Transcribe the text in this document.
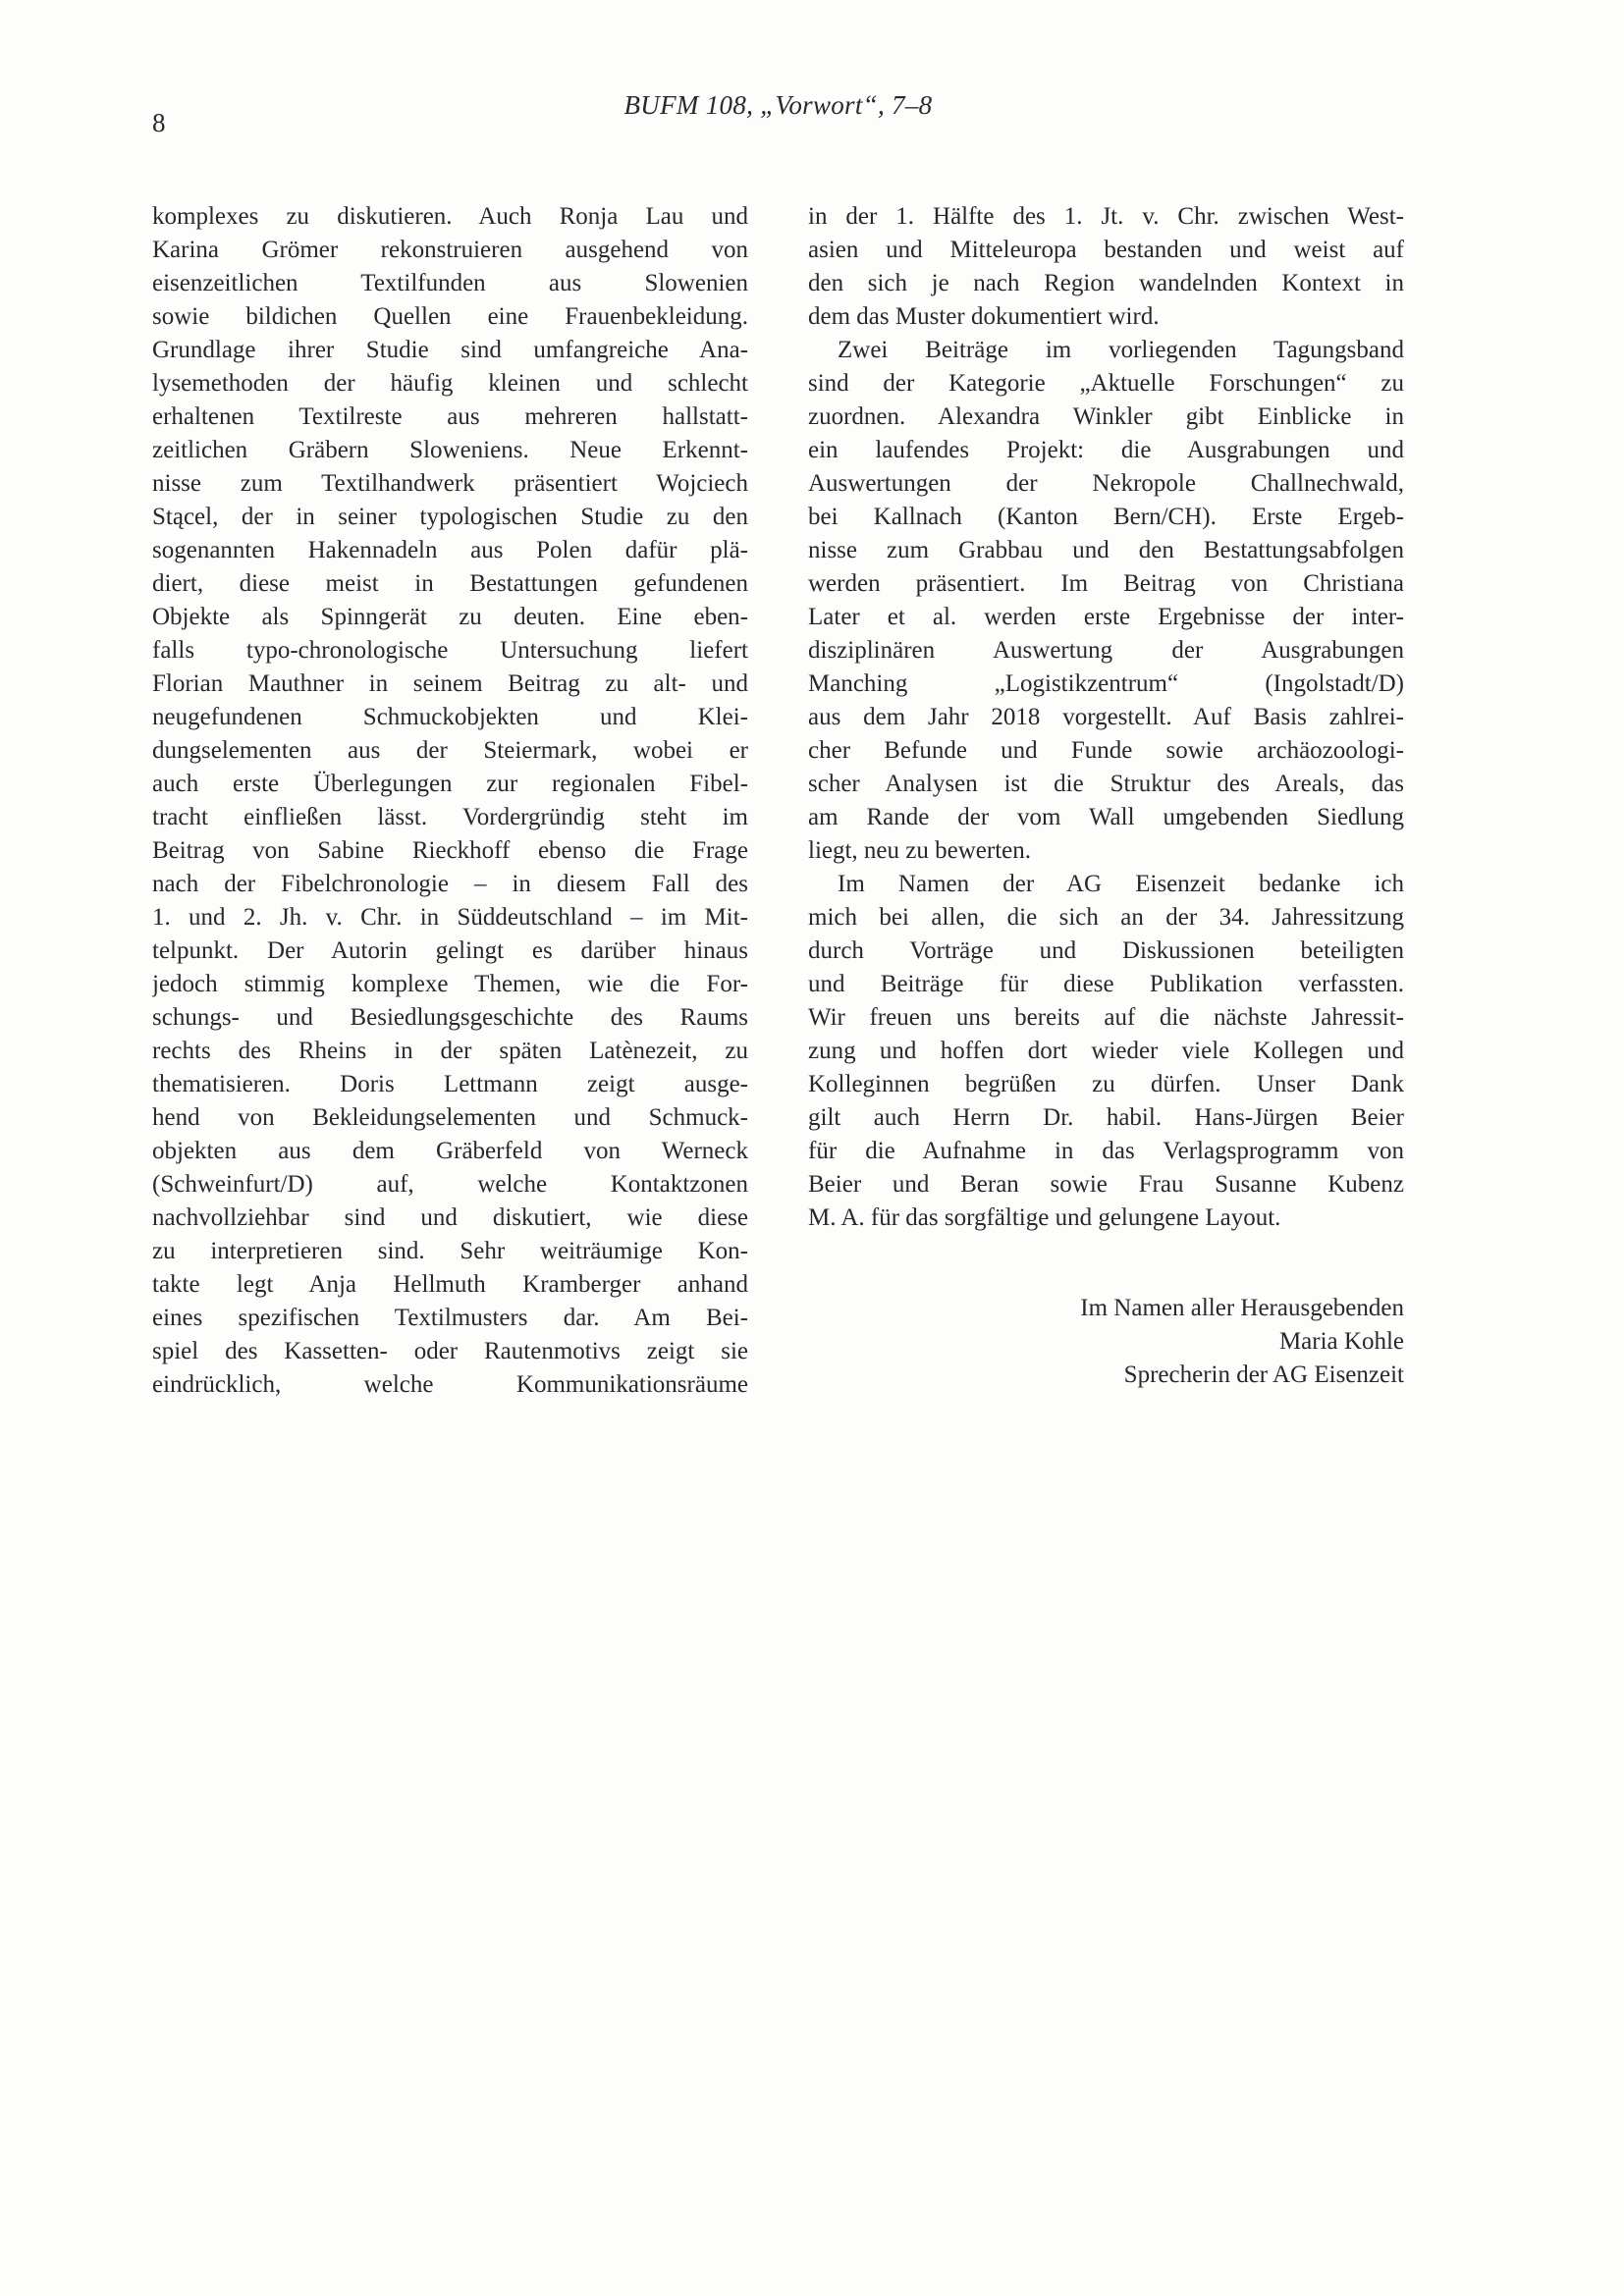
8
BUFM 108, „Vorwort“, 7–8
komplexes zu diskutieren. Auch Ronja Lau und
Karina Grömer rekonstruieren ausgehend von
eisenzeitlichen Textilfunden aus Slowenien
sowie bildichen Quellen eine Frauenbekleidung.
Grundlage ihrer Studie sind umfangreiche Ana-
lysemethoden der häufig kleinen und schlecht
erhaltenen Textilreste aus mehreren hallstatt-
zeitlichen Gräbern Sloweniens. Neue Erkennt-
nisse zum Textilhandwerk präsentiert Wojciech
Stącel, der in seiner typologischen Studie zu den
sogenannten Hakennadeln aus Polen dafür plä-
diert, diese meist in Bestattungen gefundenen
Objekte als Spinngerät zu deuten. Eine eben-
falls typo-chronologische Untersuchung liefert
Florian Mauthner in seinem Beitrag zu alt- und
neugefundenen Schmuckobjekten und Klei-
dungselementen aus der Steiermark, wobei er
auch erste Überlegungen zur regionalen Fibel-
tracht einfließen lässt. Vordergründig steht im
Beitrag von Sabine Rieckhoff ebenso die Frage
nach der Fibelchronologie – in diesem Fall des
1. und 2. Jh. v. Chr. in Süddeutschland – im Mit-
telpunkt. Der Autorin gelingt es darüber hinaus
jedoch stimmig komplexe Themen, wie die For-
schungs- und Besiedlungsgeschichte des Raums
rechts des Rheins in der späten Latènezeit, zu
thematisieren. Doris Lettmann zeigt ausge-
hend von Bekleidungselementen und Schmuck-
objekten aus dem Gräberfeld von Werneck
(Schweinfurt/D) auf, welche Kontaktzonen
nachvollziehbar sind und diskutiert, wie diese
zu interpretieren sind. Sehr weiträumige Kon-
takte legt Anja Hellmuth Kramberger anhand
eines spezifischen Textilmusters dar. Am Bei-
spiel des Kassetten- oder Rautenmotivs zeigt sie
eindrücklich, welche Kommunikationsräume
in der 1. Hälfte des 1. Jt. v. Chr. zwischen West-
asien und Mitteleuropa bestanden und weist auf
den sich je nach Region wandelnden Kontext in
dem das Muster dokumentiert wird.
Zwei Beiträge im vorliegenden Tagungsband
sind der Kategorie „Aktuelle Forschungen“ zu
zuordnen. Alexandra Winkler gibt Einblicke in
ein laufendes Projekt: die Ausgrabungen und
Auswertungen der Nekropole Challnechwald,
bei Kallnach (Kanton Bern/CH). Erste Ergeb-
nisse zum Grabbau und den Bestattungsabfolgen
werden präsentiert. Im Beitrag von Christiana
Later et al. werden erste Ergebnisse der inter-
disziplinären Auswertung der Ausgrabungen
Manching „Logistikzentrum“ (Ingolstadt/D)
aus dem Jahr 2018 vorgestellt. Auf Basis zahlrei-
cher Befunde und Funde sowie archäozoologi-
scher Analysen ist die Struktur des Areals, das
am Rande der vom Wall umgebenden Siedlung
liegt, neu zu bewerten.
Im Namen der AG Eisenzeit bedanke ich
mich bei allen, die sich an der 34. Jahressitzung
durch Vorträge und Diskussionen beteiligten
und Beiträge für diese Publikation verfassten.
Wir freuen uns bereits auf die nächste Jahressit-
zung und hoffen dort wieder viele Kollegen und
Kolleginnen begrüßen zu dürfen. Unser Dank
gilt auch Herrn Dr. habil. Hans-Jürgen Beier
für die Aufnahme in das Verlagsprogramm von
Beier und Beran sowie Frau Susanne Kubenz
M. A. für das sorgfältige und gelungene Layout.
Im Namen aller Herausgebenden
Maria Kohle
Sprecherin der AG Eisenzeit
